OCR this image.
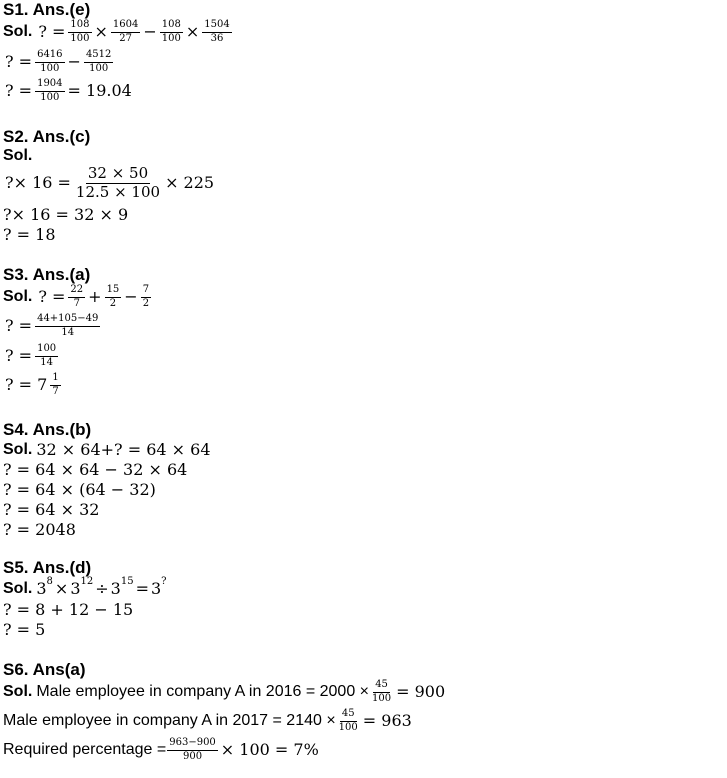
S1. Ans.(e)
Sol. ? = $\frac{108}{100} \times \frac{1604}{27} - \frac{108}{100} \times \frac{1504}{36}$
? = $\frac{6416}{100} - \frac{4512}{100}$
? = $\frac{1904}{100} = 19.04$
S2. Ans.(c)
Sol.
?× $16 = \frac{32 \times 50}{12.5 \times 100} \times 225$
?× 16 = 32 × 9
? = 18
S3. Ans.(a)
Sol. ? = $\frac{22}{7} + \frac{15}{2} - \frac{7}{2}$
? = $\frac{44+105-49}{14}$
? = $\frac{100}{14}$
? = $7 \frac{1}{7}$
S4. Ans.(b)
Sol. 32 × 64+? = 64 × 64
? = 64 × 64 − 32 × 64
? = 64 × (64 − 32)
? = 64 × 32
? = 2048
S5. Ans.(d)
Sol. 3 8 × 3 12 ÷ 3 15 = 3 ?
? = 8 + 12 − 15
? = 5
S6. Ans(a)
Sol. Male employee in company A in $2016 = 2000 \times \frac{45}{100} = 900$
Male employee in company A in $2017 = 2140 \times \frac{45}{100} = 963$
Required percentage = $\frac{963-900}{900} \times 100 = 7\%$
